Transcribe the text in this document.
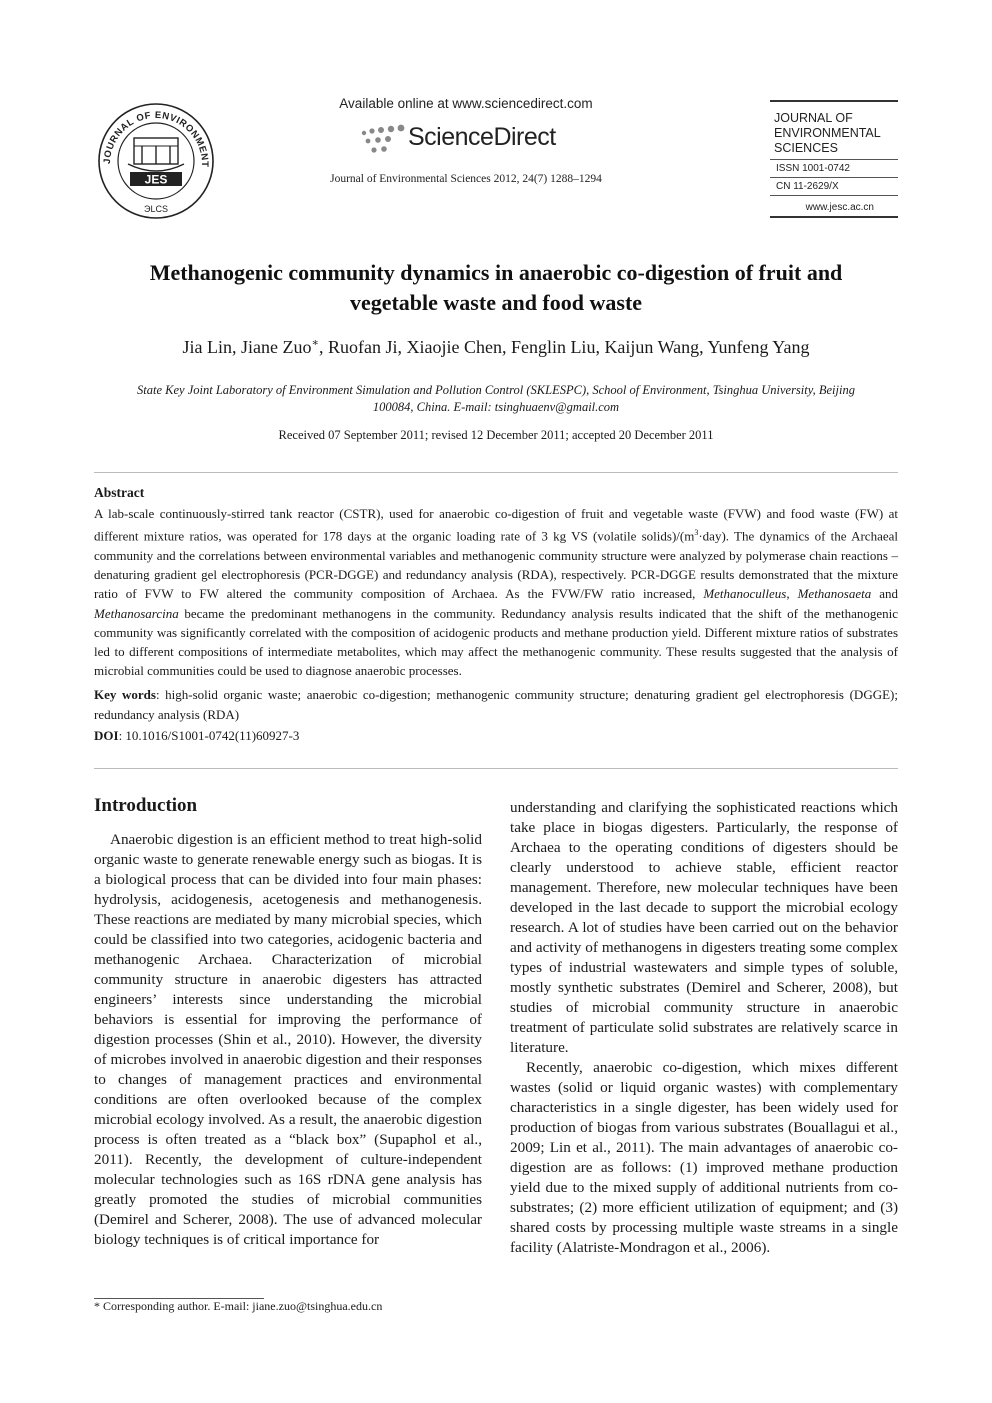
JOURNAL OF ENVIRONMENT
JES
ЭLCS
Available online at www.sciencedirect.com
ScienceDirect
Journal of Environmental Sciences 2012, 24(7) 1288–1294
JOURNAL OF
ENVIRONMENTAL
SCIENCES
ISSN 1001-0742
CN 11-2629/X
www.jesc.ac.cn
Methanogenic community dynamics in anaerobic co-digestion of fruit and
vegetable waste and food waste
Jia Lin, Jiane Zuo∗, Ruofan Ji, Xiaojie Chen, Fenglin Liu, Kaijun Wang, Yunfeng Yang
State Key Joint Laboratory of Environment Simulation and Pollution Control (SKLESPC), School of Environment, Tsinghua University, Beijing
100084, China. E-mail: tsinghuaenv@gmail.com
Received 07 September 2011; revised 12 December 2011; accepted 20 December 2011
Abstract
A lab-scale continuously-stirred tank reactor (CSTR), used for anaerobic co-digestion of fruit and vegetable waste (FVW) and food waste (FW) at different mixture ratios, was operated for 178 days at the organic loading rate of 3 kg VS (volatile $solids)/(m^3\cdot day)$. The dynamics of the Archaeal community and the correlations between environmental variables and methanogenic community structure were analyzed by polymerase chain reactions – denaturing gradient gel electrophoresis (PCR-DGGE) and redundancy analysis (RDA), respectively. PCR-DGGE results demonstrated that the mixture ratio of FVW to FW altered the community composition of Archaea. As the FVW/FW ratio increased, Methanoculleus, Methanosaeta and Methanosarcina became the predominant methanogens in the community. Redundancy analysis results indicated that the shift of the methanogenic community was significantly correlated with the composition of acidogenic products and methane production yield. Different mixture ratios of substrates led to different compositions of intermediate metabolites, which may affect the methanogenic community. These results suggested that the analysis of microbial communities could be used to diagnose anaerobic processes.
Key words: high-solid organic waste; anaerobic co-digestion; methanogenic community structure; denaturing gradient gel electrophoresis (DGGE); redundancy analysis (RDA)
DOI: 10.1016/S1001-0742(11)60927-3
Introduction

Anaerobic digestion is an efficient method to treat high-solid organic waste to generate renewable energy such as biogas. It is a biological process that can be divided into four main phases: hydrolysis, acidogenesis, acetogenesis and methanogenesis. These reactions are mediated by many microbial species, which could be classified into two categories, acidogenic bacteria and methanogenic Archaea. Characterization of microbial community structure in anaerobic digesters has attracted engineers’ interests since understanding the microbial behaviors is essential for improving the performance of digestion processes (Shin et al., 2010). However, the diversity of microbes involved in anaerobic digestion and their responses to changes of management practices and environmental conditions are often overlooked because of the complex microbial ecology involved. As a result, the anaerobic digestion process is often treated as a “black box” (Supaphol et al., 2011). Recently, the development of culture-independent molecular technologies such as 16S rDNA gene analysis has greatly promoted the studies of microbial communities (Demirel and Scherer, 2008). The use of advanced molecular biology techniques is of critical importance for

understanding and clarifying the sophisticated reactions which take place in biogas digesters. Particularly, the response of Archaea to the operating conditions of digesters should be clearly understood to achieve stable, efficient reactor management. Therefore, new molecular techniques have been developed in the last decade to support the microbial ecology research. A lot of studies have been carried out on the behavior and activity of methanogens in digesters treating some complex types of industrial wastewaters and simple types of soluble, mostly synthetic substrates (Demirel and Scherer, 2008), but studies of microbial community structure in anaerobic treatment of particulate solid substrates are relatively scarce in literature.

Recently, anaerobic co-digestion, which mixes different wastes (solid or liquid organic wastes) with complementary characteristics in a single digester, has been widely used for production of biogas from various substrates (Bouallagui et al., 2009; Lin et al., 2011). The main advantages of anaerobic co-digestion are as follows: (1) improved methane production yield due to the mixed supply of additional nutrients from co-substrates; (2) more efficient utilization of equipment; and (3) shared costs by processing multiple waste streams in a single facility (Alatriste-Mondragon et al., 2006).

* Corresponding author. E-mail: jiane.zuo@tsinghua.edu.cn
